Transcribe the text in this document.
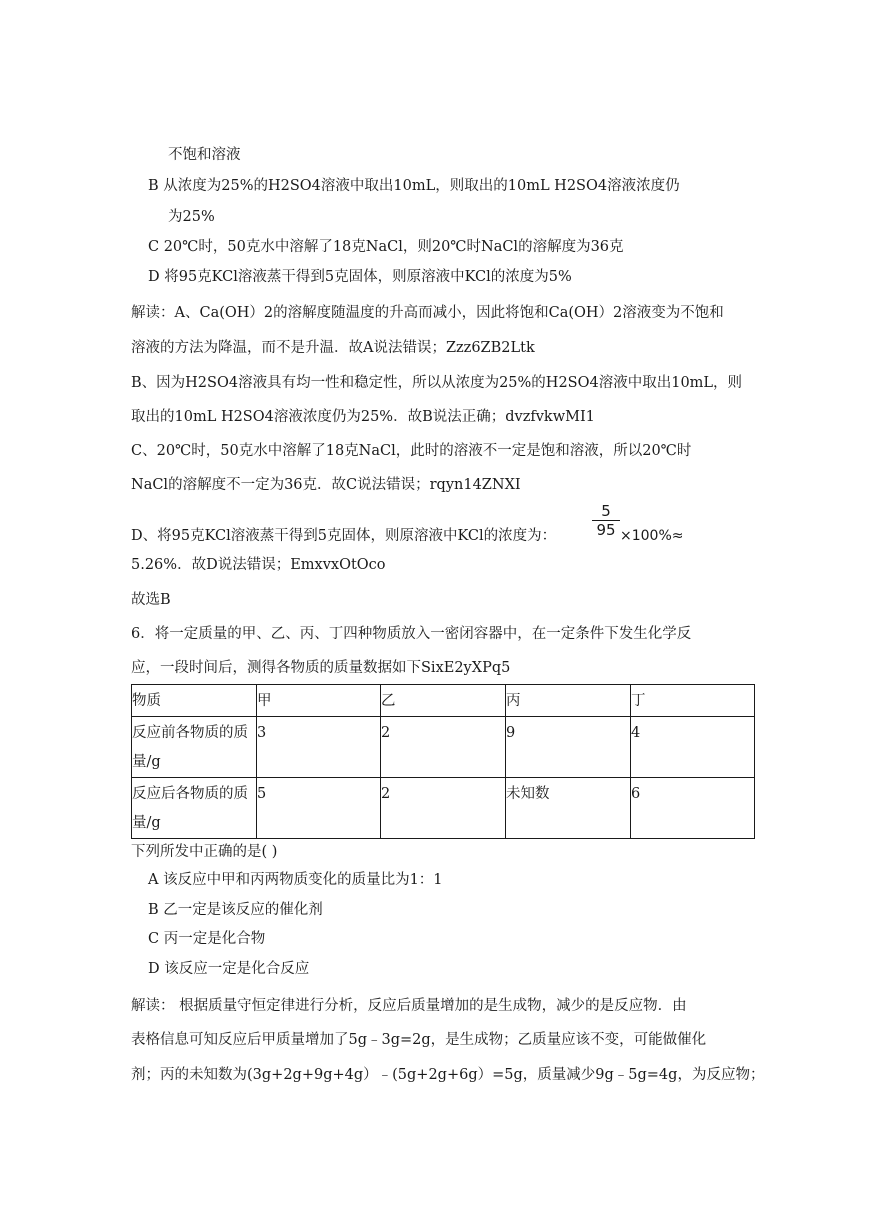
不饱和溶液
B 从浓度为25%的H2SO4溶液中取出10mL，则取出的10mL H2SO4溶液浓度仍
为25%
C 20℃时，50克水中溶解了18克NaCl，则20℃时NaCl的溶解度为36克
D 将95克KCl溶液蒸干得到5克固体，则原溶液中KCl的浓度为5%
解读：A、Ca(OH）2的溶解度随温度的升高而减小，因此将饱和Ca(OH）2溶液变为不饱和
溶液的方法为降温，而不是升温．故A说法错误；Zzz6ZB2Ltk
B、因为H2SO4溶液具有均一性和稳定性，所以从浓度为25%的H2SO4溶液中取出10mL，则
取出的10mL H2SO4溶液浓度仍为25%．故B说法正确；dvzfvkwMI1
C、20℃时，50克水中溶解了18克NaCl，此时的溶液不一定是饱和溶液，所以20℃时
NaCl的溶解度不一定为36克．故C说法错误；rqyn14ZNXI
D、将95克KCl溶液蒸干得到5克固体，则原溶液中KCl的浓度为： $\frac{5}{95} \times 100\%\approx$
5.26%．故D说法错误；EmxvxOtOco
故选B
6．将一定质量的甲、乙、丙、丁四种物质放入一密闭容器中，在一定条件下发生化学反
应，一段时间后，测得各物质的质量数据如下SixE2yXPq5
物质	甲	乙	丙	丁
反应前各物质的质
量/g	3	2	9	4
反应后各物质的质
量/g	5	2	未知数	6
下列所发中正确的是( )
A 该反应中甲和丙两物质变化的质量比为1：1
B 乙一定是该反应的催化剂
C 丙一定是化合物
D 该反应一定是化合反应
解读： 根据质量守恒定律进行分析，反应后质量增加的是生成物，减少的是反应物．由
表格信息可知反应后甲质量增加了5g﹣3g=2g，是生成物；乙质量应该不变，可能做催化
剂；丙的未知数为(3g+2g+9g+4g）﹣(5g+2g+6g）=5g，质量减少9g﹣5g=4g，为反应物；
